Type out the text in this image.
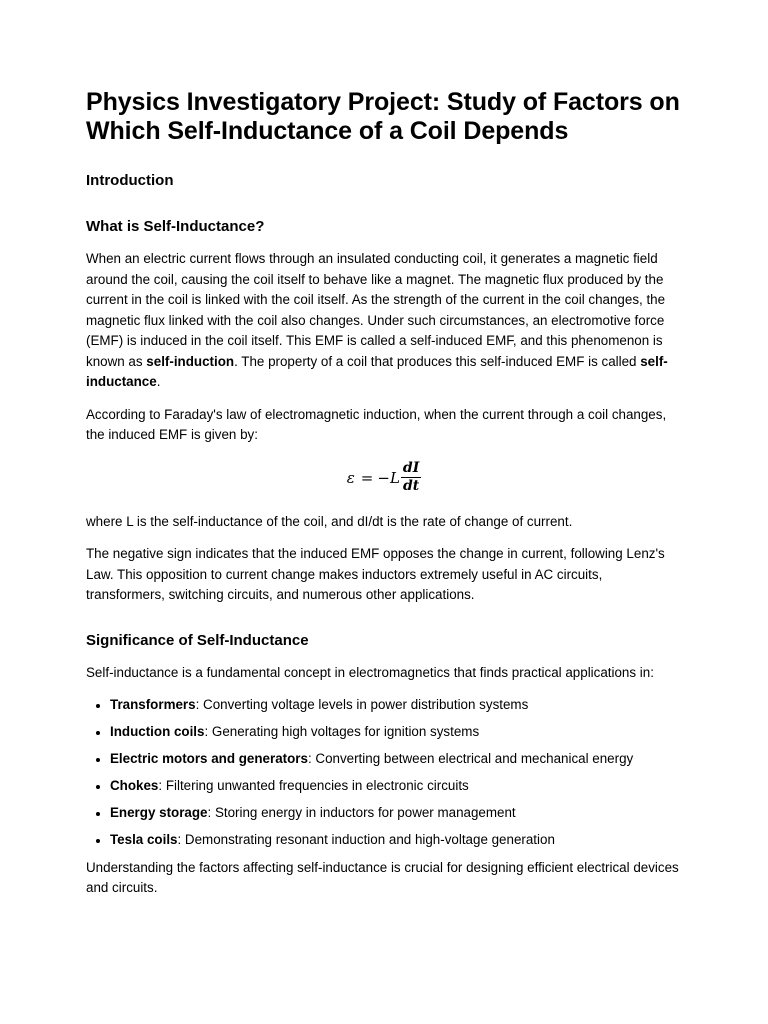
Physics Investigatory Project: Study of Factors on Which Self-Inductance of a Coil Depends
Introduction
What is Self-Inductance?

When an electric current flows through an insulated conducting coil, it generates a magnetic field around the coil, causing the coil itself to behave like a magnet. The magnetic flux produced by the current in the coil is linked with the coil itself. As the strength of the current in the coil changes, the magnetic flux linked with the coil also changes. Under such circumstances, an electromotive force (EMF) is induced in the coil itself. This EMF is called a self-induced EMF, and this phenomenon is known as self-induction. The property of a coil that produces this self-induced EMF is called self-inductance.

According to Faraday's law of electromagnetic induction, when the current through a coil changes, the induced EMF is given by:

$\varepsilon = -L \frac{dI}{dt}$

where L is the self-inductance of the coil, and dI/dt is the rate of change of current.

The negative sign indicates that the induced EMF opposes the change in current, following Lenz's Law. This opposition to current change makes inductors extremely useful in AC circuits, transformers, switching circuits, and numerous other applications.

Significance of Self-Inductance

Self-inductance is a fundamental concept in electromagnetics that finds practical applications in:

Transformers: Converting voltage levels in power distribution systems
Induction coils: Generating high voltages for ignition systems
Electric motors and generators: Converting between electrical and mechanical energy
Chokes: Filtering unwanted frequencies in electronic circuits
Energy storage: Storing energy in inductors for power management
Tesla coils: Demonstrating resonant induction and high-voltage generation

Understanding the factors affecting self-inductance is crucial for designing efficient electrical devices and circuits.
